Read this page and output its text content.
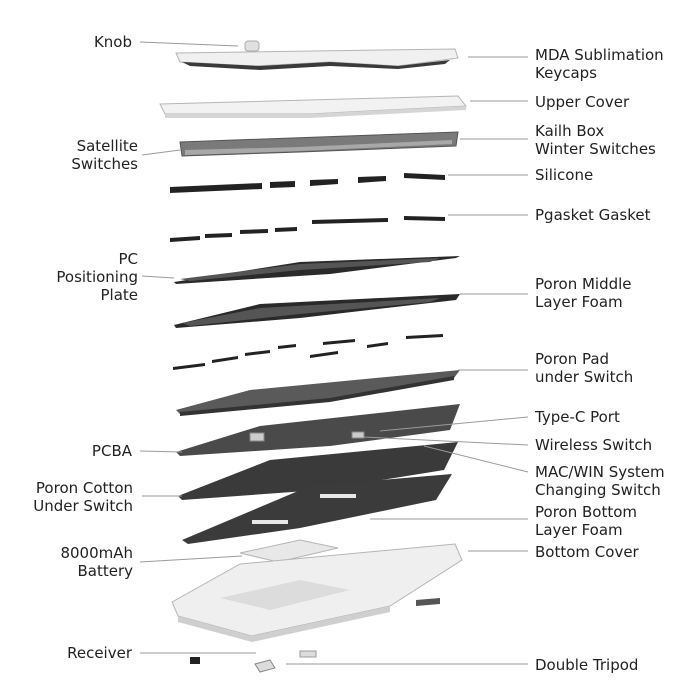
Knob
Satellite
Switches
PC
Positioning
Plate
PCBA
Poron Cotton
Under Switch
8000mAh
Battery
Receiver
MDA Sublimation
Keycaps
Upper Cover
Kailh Box
Winter Switches
Silicone
Pgasket Gasket
Poron Middle
Layer Foam
Poron Pad
under Switch
Type-C Port
Wireless Switch
MAC/WIN System
Changing Switch
Poron Bottom
Layer Foam
Bottom Cover
Double Tripod
